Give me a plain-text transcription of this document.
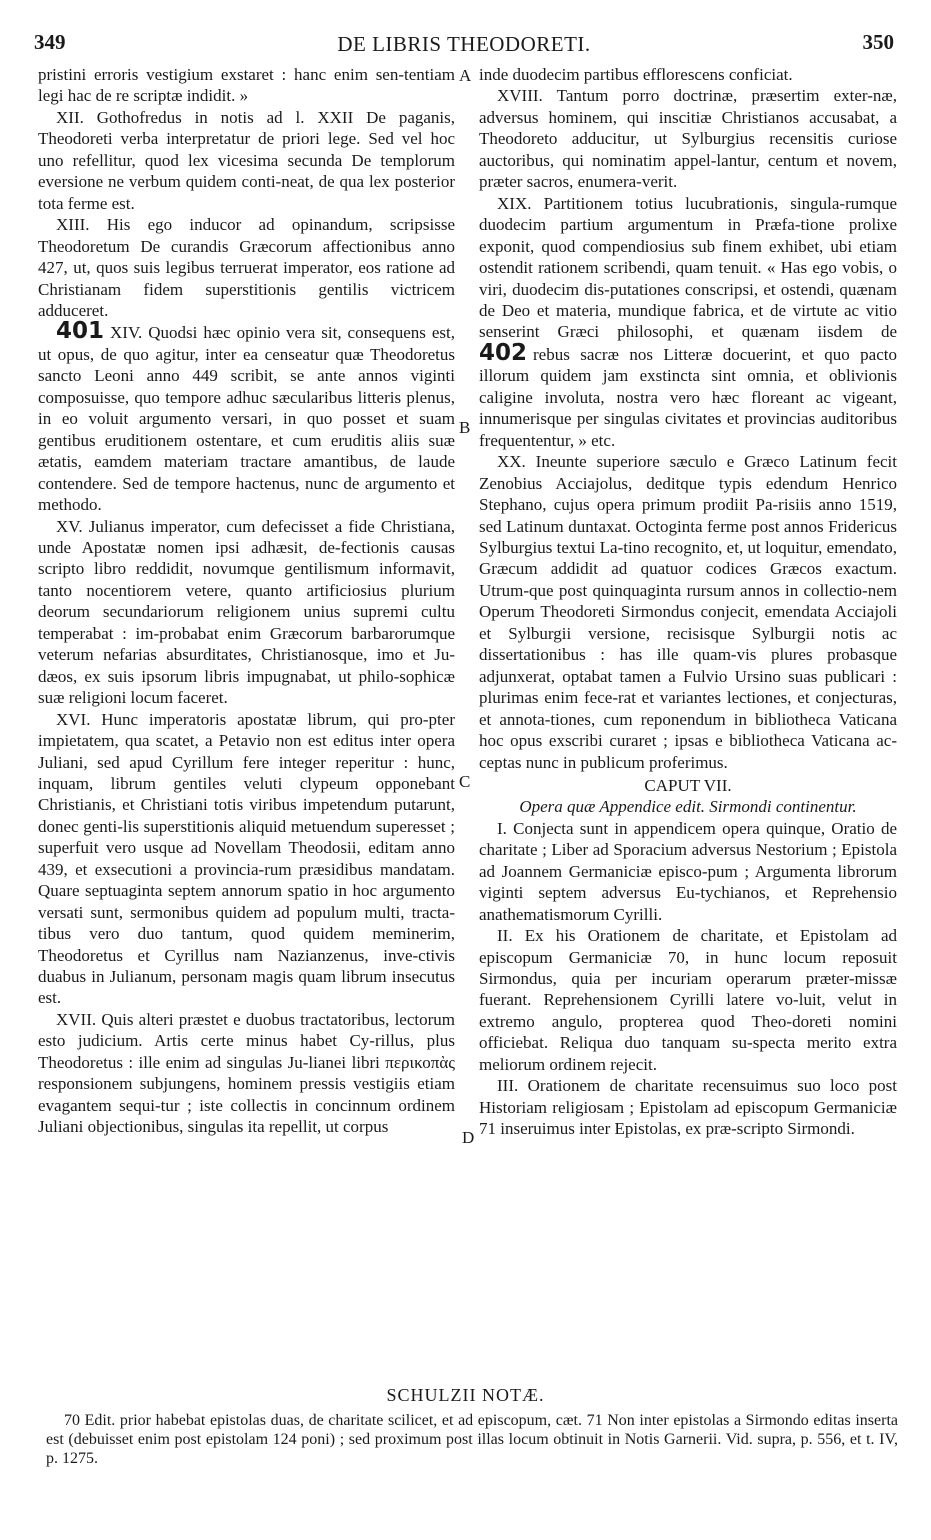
349	DE LIBRIS THEODORETI.	350
A
B
C
D

pristini erroris vestigium exstaret : hanc enim sen-tentiam legi hac de re scriptæ indidit. »

XII. Gothofredus in notis ad l. XXII De paganis, Theodoreti verba interpretatur de priori lege. Sed vel hoc uno refellitur, quod lex vicesima secunda De templorum eversione ne verbum quidem conti-neat, de qua lex posterior tota ferme est.

XIII. His ego inducor ad opinandum, scripsisse Theodoretum De curandis Græcorum affectionibus anno 427, ut, quos suis legibus terruerat imperator, eos ratione ad Christianam fidem superstitionis gentilis victricem adduceret.

401 XIV. Quodsi hæc opinio vera sit, consequens est, ut opus, de quo agitur, inter ea censeatur quæ Theodoretus sancto Leoni anno 449 scribit, se ante annos viginti composuisse, quo tempore adhuc sæcularibus litteris plenus, in eo voluit argumento versari, in quo posset et suam gentibus eruditionem ostentare, et cum eruditis aliis suæ ætatis, eamdem materiam tractare amantibus, de laude contendere. Sed de tempore hactenus, nunc de argumento et methodo.

XV. Julianus imperator, cum defecisset a fide Christiana, unde Apostatæ nomen ipsi adhæsit, de-fectionis causas scripto libro reddidit, novumque gentilismum informavit, tanto nocentiorem vetere, quanto artificiosius plurium deorum secundariorum religionem unius supremi cultu temperabat : im-probabat enim Græcorum barbarorumque veterum nefarias absurditates, Christianosque, imo et Ju-dæos, ex suis ipsorum libris impugnabat, ut philo-sophicæ suæ religioni locum faceret.

XVI. Hunc imperatoris apostatæ librum, qui pro-pter impietatem, qua scatet, a Petavio non est editus inter opera Juliani, sed apud Cyrillum fere integer reperitur : hunc, inquam, librum gentiles veluti clypeum opponebant Christianis, et Christiani totis viribus impetendum putarunt, donec genti-lis superstitionis aliquid metuendum superesset ; superfuit vero usque ad Novellam Theodosii, editam anno 439, et exsecutioni a provincia-rum præsidibus mandatam. Quare septuaginta septem annorum spatio in hoc argumento versati sunt, sermonibus quidem ad populum multi, tracta-tibus vero duo tantum, quod quidem meminerim, Theodoretus et Cyrillus nam Nazianzenus, inve-ctivis duabus in Julianum, personam magis quam librum insecutus est.

XVII. Quis alteri præstet e duobus tractatoribus, lectorum esto judicium. Artis certe minus habet Cy-rillus, plus Theodoretus : ille enim ad singulas Ju-lianei libri περικοπὰς responsionem subjungens, hominem pressis vestigiis etiam evagantem sequi-tur ; iste collectis in concinnum ordinem Juliani objectionibus, singulas ita repellit, ut corpus

inde duodecim partibus efflorescens conficiat.

XVIII. Tantum porro doctrinæ, præsertim exter-næ, adversus hominem, qui inscitiæ Christianos accusabat, a Theodoreto adducitur, ut Sylburgius recensitis curiose auctoribus, qui nominatim appel-lantur, centum et novem, præter sacros, enumera-verit.

XIX. Partitionem totius lucubrationis, singula-rumque duodecim partium argumentum in Præfa-tione prolixe exponit, quod compendiosius sub finem exhibet, ubi etiam ostendit rationem scribendi, quam tenuit. « Has ego vobis, o viri, duodecim dis-putationes conscripsi, et ostendi, quænam de Deo et materia, mundique fabrica, et de virtute ac vitio senserint Græci philosophi, et quænam iisdem de 402 rebus sacræ nos Litteræ docuerint, et quo pacto illorum quidem jam exstincta sint omnia, et oblivionis caligine involuta, nostra vero hæc floreant ac vigeant, innumerisque per singulas civitates et provincias auditoribus frequententur, » etc.

XX. Ineunte superiore sæculo e Græco Latinum fecit Zenobius Acciajolus, deditque typis edendum Henrico Stephano, cujus opera primum prodiit Pa-risiis anno 1519, sed Latinum duntaxat. Octoginta ferme post annos Fridericus Sylburgius textui La-tino recognito, et, ut loquitur, emendato, Græcum addidit ad quatuor codices Græcos exactum. Utrum-que post quinquaginta rursum annos in collectio-nem Operum Theodoreti Sirmondus conjecit, emendata Acciajoli et Sylburgii versione, recisisque Sylburgii notis ac dissertationibus : has ille quam-vis plures probasque adjunxerat, optabat tamen a Fulvio Ursino suas publicari : plurimas enim fece-rat et variantes lectiones, et conjecturas, et annota-tiones, cum reponendum in bibliotheca Vaticana hoc opus exscribi curaret ; ipsas e bibliotheca Vaticana ac-ceptas nunc in publicum proferimus.

CAPUT VII.

Opera quæ Appendice edit. Sirmondi continentur.

I. Conjecta sunt in appendicem opera quinque, Oratio de charitate ; Liber ad Sporacium adversus Nestorium ; Epistola ad Joannem Germaniciæ episco-pum ; Argumenta librorum viginti septem adversus Eu-tychianos, et Reprehensio anathematismorum Cyrilli.

II. Ex his Orationem de charitate, et Epistolam ad episcopum Germaniciæ 70, in hunc locum reposuit Sirmondus, quia per incuriam operarum præter-missæ fuerant. Reprehensionem Cyrilli latere vo-luit, velut in extremo angulo, propterea quod Theo-doreti nomini officiebat. Reliqua duo tanquam su-specta merito extra meliorum ordinem rejecit.

III. Orationem de charitate recensuimus suo loco post Historiam religiosam ; Epistolam ad episcopum Germaniciæ 71 inseruimus inter Epistolas, ex præ-scripto Sirmondi.

SCHULZII NOTÆ.

70 Edit. prior habebat epistolas duas, de charitate scilicet, et ad episcopum, cæt. 71 Non inter epistolas a Sirmondo editas inserta est (debuisset enim post epistolam 124 poni) ; sed proximum post illas locum obtinuit in Notis Garnerii. Vid. supra, p. 556, et t. IV, p. 1275.
